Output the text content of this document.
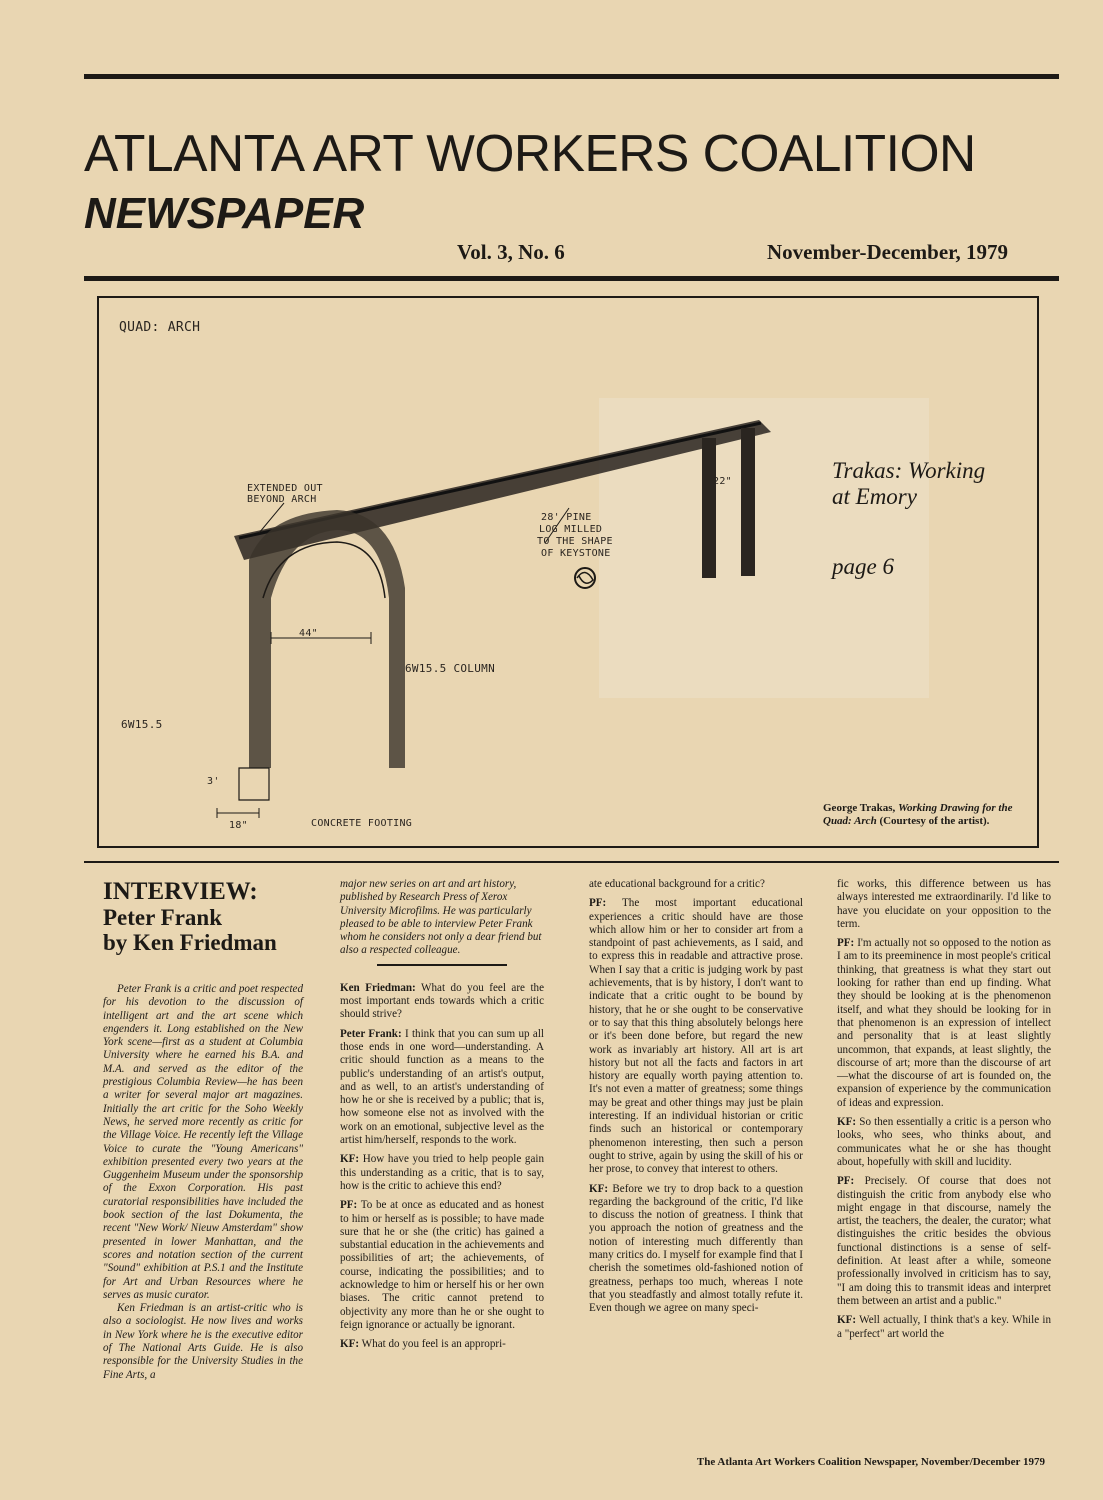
ATLANTA ART WORKERS COALITION
NEWSPAPER
Vol. 3, No. 6	November-December, 1979
QUAD: ARCH
EXTENDED OUT
BEYOND ARCH
28' PINE
LOG MILLED
TO THE SHAPE
OF KEYSTONE
44"
6W15.5 COLUMN
6W15.5
22"
3'
18"	CONCRETE FOOTING
Trakas: Working
at Emory
page 6
George Trakas, Working Drawing for the Quad: Arch (Courtesy of the artist).

INTERVIEW:

Peter Frank

by Ken Friedman

Peter Frank is a critic and poet respected for his devotion to the discussion of intelligent art and the art scene which engenders it. Long established on the New York scene—first as a student at Columbia University where he earned his B.A. and M.A. and served as the editor of the prestigious Columbia Review—he has been a writer for several major art magazines. Initially the art critic for the Soho Weekly News, he served more recently as critic for the Village Voice. He recently left the Village Voice to curate the "Young Americans" exhibition presented every two years at the Guggenheim Museum under the sponsorship of the Exxon Corporation. His past curatorial responsibilities have included the book section of the last Dokumenta, the recent "New Work/ Nieuw Amsterdam" show presented in lower Manhattan, and the scores and notation section of the current "Sound" exhibition at P.S.1 and the Institute for Art and Urban Resources where he serves as music curator.

Ken Friedman is an artist-critic who is also a sociologist. He now lives and works in New York where he is the executive editor of The National Arts Guide. He is also responsible for the University Studies in the Fine Arts, a

major new series on art and art history, published by Research Press of Xerox University Microfilms. He was particularly pleased to be able to interview Peter Frank whom he considers not only a dear friend but also a respected colleague.

Ken Friedman: What do you feel are the most important ends towards which a critic should strive?

Peter Frank: I think that you can sum up all those ends in one word—understanding. A critic should function as a means to the public's understanding of an artist's output, and as well, to an artist's understanding of how he or she is received by a public; that is, how someone else not as involved with the work on an emotional, subjective level as the artist him/herself, responds to the work.

KF: How have you tried to help people gain this understanding as a critic, that is to say, how is the critic to achieve this end?

PF: To be at once as educated and as honest to him or herself as is possible; to have made sure that he or she (the critic) has gained a substantial education in the achievements and possibilities of art; the achievements, of course, indicating the possibilities; and to acknowledge to him or herself his or her own biases. The critic cannot pretend to objectivity any more than he or she ought to feign ignorance or actually be ignorant.

KF: What do you feel is an appropri-

ate educational background for a critic?

PF: The most important educational experiences a critic should have are those which allow him or her to consider art from a standpoint of past achievements, as I said, and to express this in readable and attractive prose. When I say that a critic is judging work by past achievements, that is by history, I don't want to indicate that a critic ought to be bound by history, that he or she ought to be conservative or to say that this thing absolutely belongs here or it's been done before, but regard the new work as invariably art history. All art is art history but not all the facts and factors in art history are equally worth paying attention to. It's not even a matter of greatness; some things may be great and other things may just be plain interesting. If an individual historian or critic finds such an historical or contemporary phenomenon interesting, then such a person ought to strive, again by using the skill of his or her prose, to convey that interest to others.

KF: Before we try to drop back to a question regarding the background of the critic, I'd like to discuss the notion of greatness. I think that you approach the notion of greatness and the notion of interesting much differently than many critics do. I myself for example find that I cherish the sometimes old-fashioned notion of greatness, perhaps too much, whereas I note that you steadfastly and almost totally refute it. Even though we agree on many speci-

fic works, this difference between us has always interested me extraordinarily. I'd like to have you elucidate on your opposition to the term.

PF: I'm actually not so opposed to the notion as I am to its preeminence in most people's critical thinking, that greatness is what they start out looking for rather than end up finding. What they should be looking at is the phenomenon itself, and what they should be looking for in that phenomenon is an expression of intellect and personality that is at least slightly uncommon, that expands, at least slightly, the discourse of art; more than the discourse of art—what the discourse of art is founded on, the expansion of experience by the communication of ideas and expression.

KF: So then essentially a critic is a person who looks, who sees, who thinks about, and communicates what he or she has thought about, hopefully with skill and lucidity.

PF: Precisely. Of course that does not distinguish the critic from anybody else who might engage in that discourse, namely the artist, the teachers, the dealer, the curator; what distinguishes the critic besides the obvious functional distinctions is a sense of self-definition. At least after a while, someone professionally involved in criticism has to say, "I am doing this to transmit ideas and interpret them between an artist and a public."

KF: Well actually, I think that's a key. While in a "perfect" art world the

The Atlanta Art Workers Coalition Newspaper, November/December 1979
